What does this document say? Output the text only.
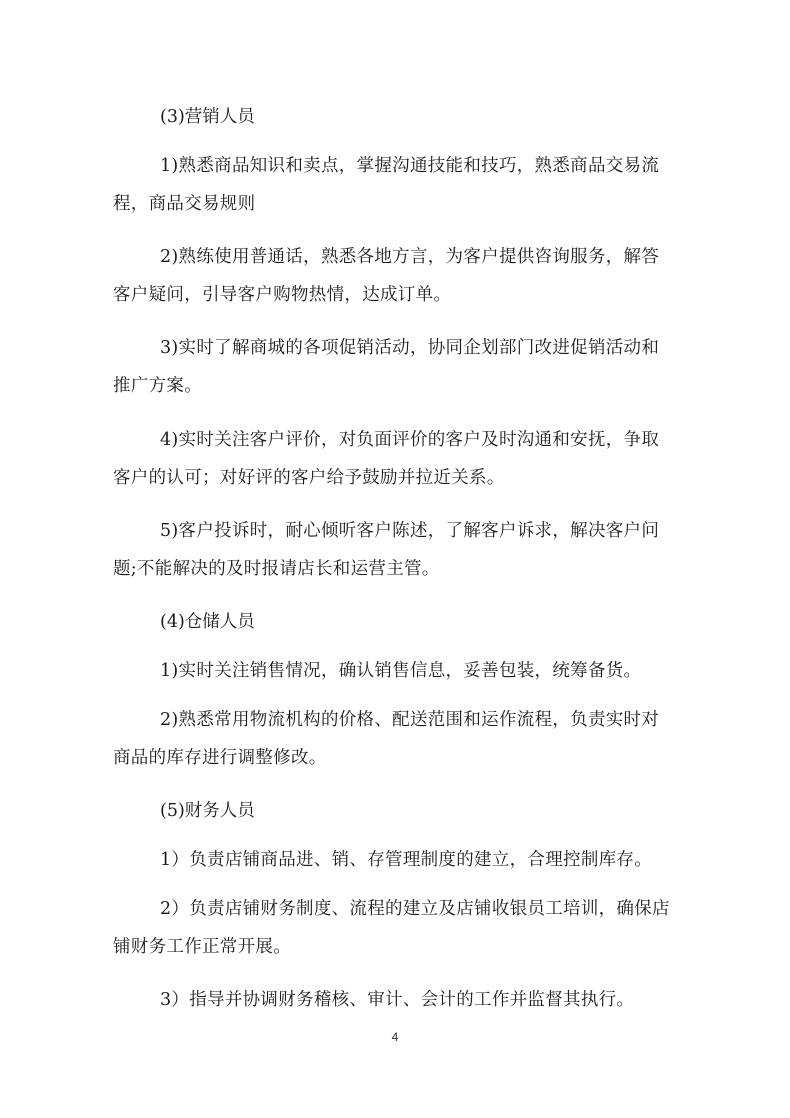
(3)营销人员

1)熟悉商品知识和卖点，掌握沟通技能和技巧，熟悉商品交易流程，商品交易规则

2)熟练使用普通话，熟悉各地方言，为客户提供咨询服务，解答客户疑问，引导客户购物热情，达成订单。

3)实时了解商城的各项促销活动，协同企划部门改进促销活动和推广方案。

4)实时关注客户评价，对负面评价的客户及时沟通和安抚，争取客户的认可；对好评的客户给予鼓励并拉近关系。

5)客户投诉时，耐心倾听客户陈述，了解客户诉求，解决客户问题;不能解决的及时报请店长和运营主管。

(4)仓储人员

1)实时关注销售情况，确认销售信息，妥善包装，统筹备货。

2)熟悉常用物流机构的价格、配送范围和运作流程，负责实时对商品的库存进行调整修改。

(5)财务人员

1）负责店铺商品进、销、存管理制度的建立，合理控制库存。

2）负责店铺财务制度、流程的建立及店铺收银员工培训，确保店铺财务工作正常开展。

3）指导并协调财务稽核、审计、会计的工作并监督其执行。

4
